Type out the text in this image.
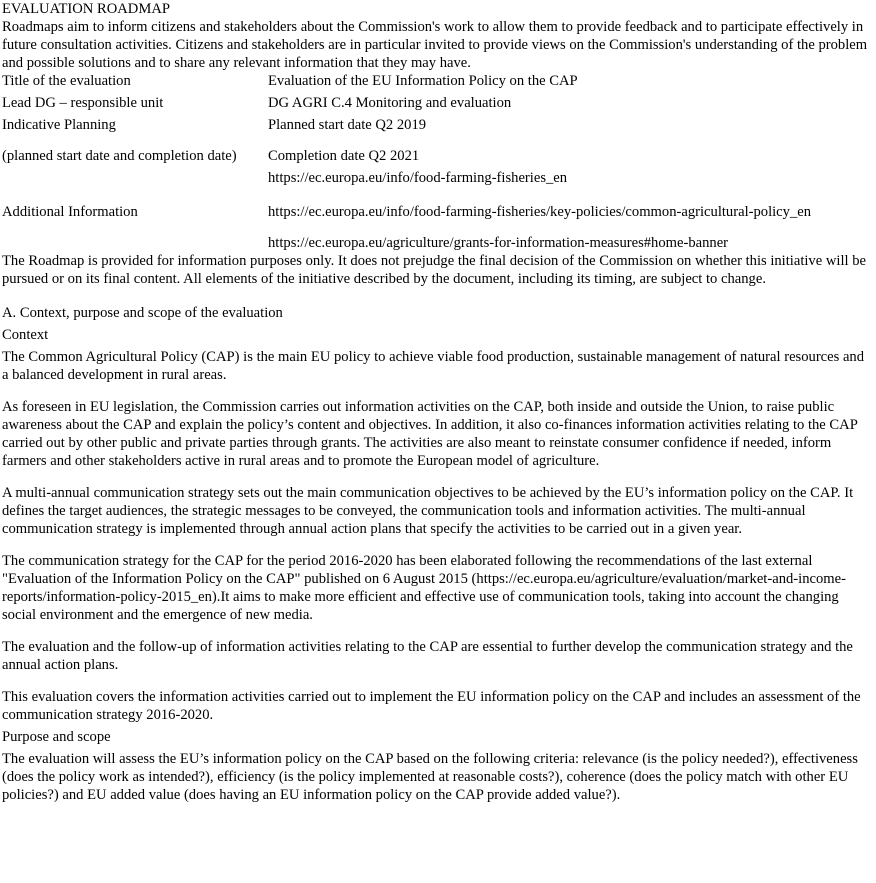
EVALUATION ROADMAP

Roadmaps aim to inform citizens and stakeholders about the Commission's work to allow them to provide feedback and to participate effectively in future consultation activities. Citizens and stakeholders are in particular invited to provide views on the Commission's understanding of the problem and possible solutions and to share any relevant information that they may have.

Title of the evaluation	Evaluation of the EU Information Policy on the CAP
Lead DG – responsible unit	DG AGRI C.4 Monitoring and evaluation
Indicative Planning	Planned start date Q2 2019
(planned start date and completion date)	Completion date Q2 2021
	https://ec.europa.eu/info/food-farming-fisheries_en
Additional Information	https://ec.europa.eu/info/food-farming-fisheries/key-policies/common-agricultural-policy_en
	https://ec.europa.eu/agriculture/grants-for-information-measures#home-banner

The Roadmap is provided for information purposes only. It does not prejudge the final decision of the Commission on whether this initiative will be pursued or on its final content. All elements of the initiative described by the document, including its timing, are subject to change.

A. Context, purpose and scope of the evaluation

Context

The Common Agricultural Policy (CAP) is the main EU policy to achieve viable food production, sustainable management of natural resources and a balanced development in rural areas.

As foreseen in EU legislation, the Commission carries out information activities on the CAP, both inside and outside the Union, to raise public awareness about the CAP and explain the policy’s content and objectives. In addition, it also co-finances information activities relating to the CAP carried out by other public and private parties through grants. The activities are also meant to reinstate consumer confidence if needed, inform farmers and other stakeholders active in rural areas and to promote the European model of agriculture.

A multi-annual communication strategy sets out the main communication objectives to be achieved by the EU’s information policy on the CAP. It defines the target audiences, the strategic messages to be conveyed, the communication tools and information activities. The multi-annual communication strategy is implemented through annual action plans that specify the activities to be carried out in a given year.

The communication strategy for the CAP for the period 2016-2020 has been elaborated following the recommendations of the last external "Evaluation of the Information Policy on the CAP" published on 6 August 2015 (https://ec.europa.eu/agriculture/evaluation/market-and-income-reports/information-policy-2015_en).It aims to make more efficient and effective use of communication tools, taking into account the changing social environment and the emergence of new media.

The evaluation and the follow-up of information activities relating to the CAP are essential to further develop the communication strategy and the annual action plans.

This evaluation covers the information activities carried out to implement the EU information policy on the CAP and includes an assessment of the communication strategy 2016-2020.

Purpose and scope

The evaluation will assess the EU’s information policy on the CAP based on the following criteria: relevance (is the policy needed?), effectiveness (does the policy work as intended?), efficiency (is the policy implemented at reasonable costs?), coherence (does the policy match with other EU policies?) and EU added value (does having an EU information policy on the CAP provide added value?).
